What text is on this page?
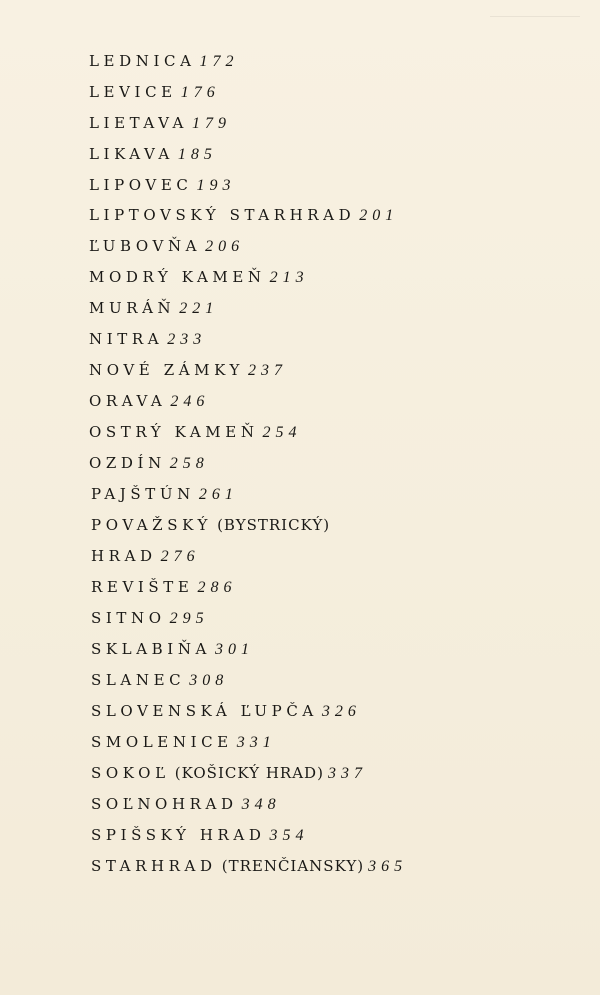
LEDNICA 172
LEVICE 176
LIETAVA 179
LIKAVA 185
LIPOVEC 193
LIPTOVSKÝ STARHRAD 201
ĽUBOVŇA 206
MODRÝ KAMEŇ 213
MURÁŇ 221
NITRA 233
NOVÉ ZÁMKY 237
ORAVA 246
OSTRÝ KAMEŇ 254
OZDÍN 258
PAJŠTÚN 261
POVAŽSKÝ (BYSTRICKÝ)
HRAD 276
REVIŠTE 286
SITNO 295
SKLABIŇA 301
SLANEC 308
SLOVENSKÁ ĽUPČA 326
SMOLENICE 331
SOKOĽ (KOŠICKÝ HRAD) 337
SOĽNOHRAD 348
SPIŠSKÝ HRAD 354
STARHRAD (TRENČIANSKY) 365
